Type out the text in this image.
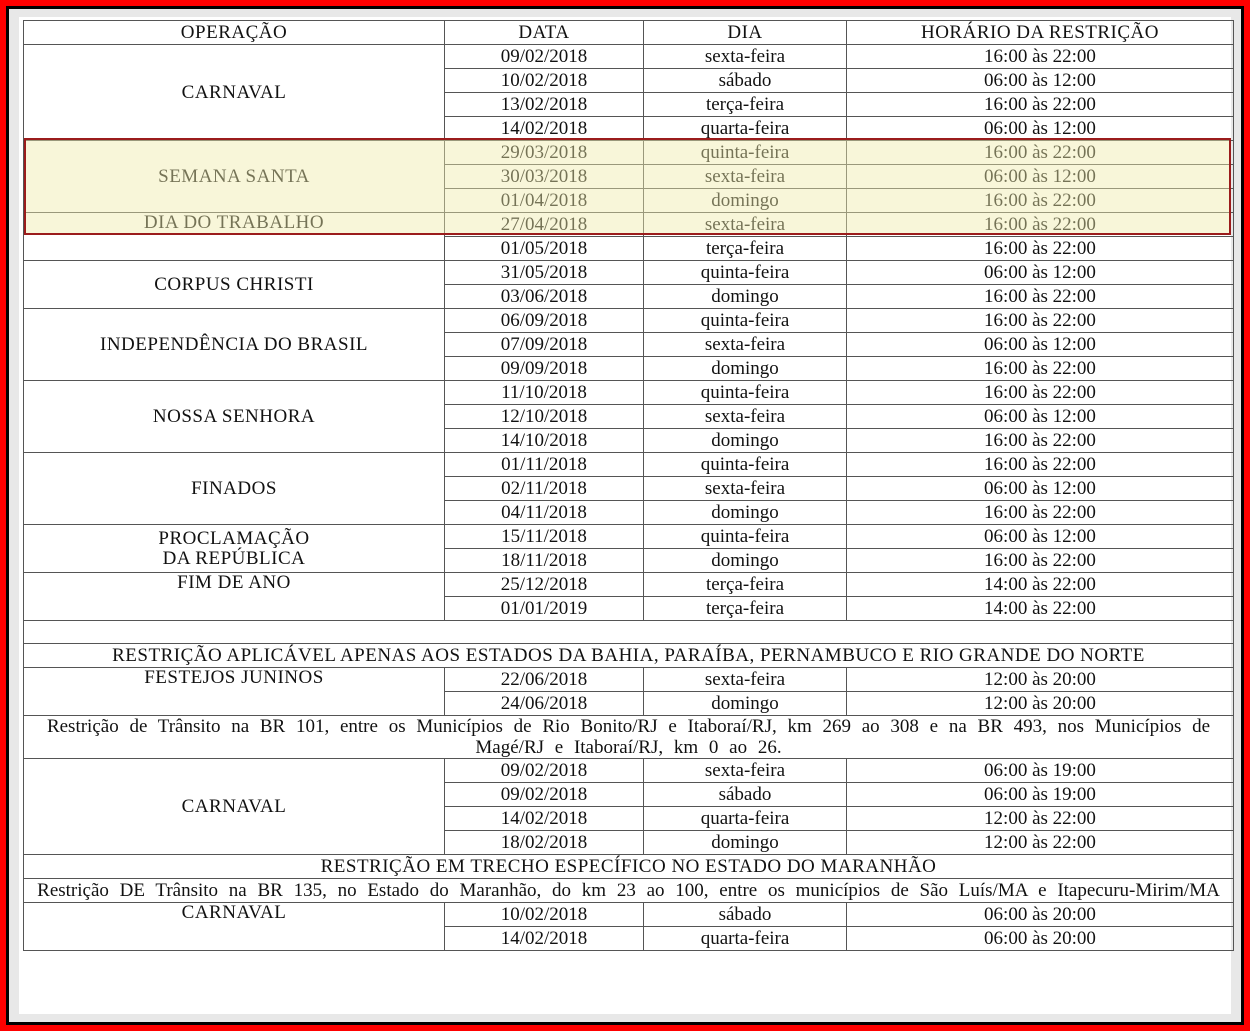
OPERAÇÃO	DATA	DIA	HORÁRIO DA RESTRIÇÃO
CARNAVAL	09/02/2018	sexta-feira	16:00 às 22:00
	10/02/2018	sábado	06:00 às 12:00
	13/02/2018	terça-feira	16:00 às 22:00
	14/02/2018	quarta-feira	06:00 às 12:00
SEMANA SANTA	29/03/2018	quinta-feira	16:00 às 22:00
	30/03/2018	sexta-feira	06:00 às 12:00
	01/04/2018	domingo	16:00 às 22:00
DIA DO TRABALHO	27/04/2018	sexta-feira	16:00 às 22:00
	01/05/2018	terça-feira	16:00 às 22:00
CORPUS CHRISTI	31/05/2018	quinta-feira	06:00 às 12:00
	03/06/2018	domingo	16:00 às 22:00
INDEPENDÊNCIA DO BRASIL	06/09/2018	quinta-feira	16:00 às 22:00
	07/09/2018	sexta-feira	06:00 às 12:00
	09/09/2018	domingo	16:00 às 22:00
NOSSA SENHORA	11/10/2018	quinta-feira	16:00 às 22:00
	12/10/2018	sexta-feira	06:00 às 12:00
	14/10/2018	domingo	16:00 às 22:00
FINADOS	01/11/2018	quinta-feira	16:00 às 22:00
	02/11/2018	sexta-feira	06:00 às 12:00
	04/11/2018	domingo	16:00 às 22:00

PROCLAMAÇÃO
DA REPÚBLICA	15/11/2018	quinta-feira	06:00 às 12:00
	18/11/2018	domingo	16:00 às 22:00
FIM DE ANO	25/12/2018	terça-feira	14:00 às 22:00
	01/01/2019	terça-feira	14:00 às 22:00

RESTRIÇÃO APLICÁVEL APENAS AOS ESTADOS DA BAHIA, PARAÍBA, PERNAMBUCO E RIO GRANDE DO NORTE			
FESTEJOS JUNINOS	22/06/2018	sexta-feira	12:00 às 20:00
	24/06/2018	domingo	12:00 às 20:00
Restrição de Trânsito na BR 101, entre os Municípios de Rio Bonito/RJ e Itaboraí/RJ, km 269 ao 308 e na BR 493, nos Municípios de Magé/RJ e Itaboraí/RJ, km 0 ao 26.			
CARNAVAL	09/02/2018	sexta-feira	06:00 às 19:00
	09/02/2018	sábado	06:00 às 19:00
	14/02/2018	quarta-feira	12:00 às 22:00
	18/02/2018	domingo	12:00 às 22:00
RESTRIÇÃO EM TRECHO ESPECÍFICO NO ESTADO DO MARANHÃO			
Restrição DE Trânsito na BR 135, no Estado do Maranhão, do km 23 ao 100, entre os municípios de São Luís/MA e Itapecuru-Mirim/MA			
CARNAVAL	10/02/2018	sábado	06:00 às 20:00
	14/02/2018	quarta-feira	06:00 às 20:00
